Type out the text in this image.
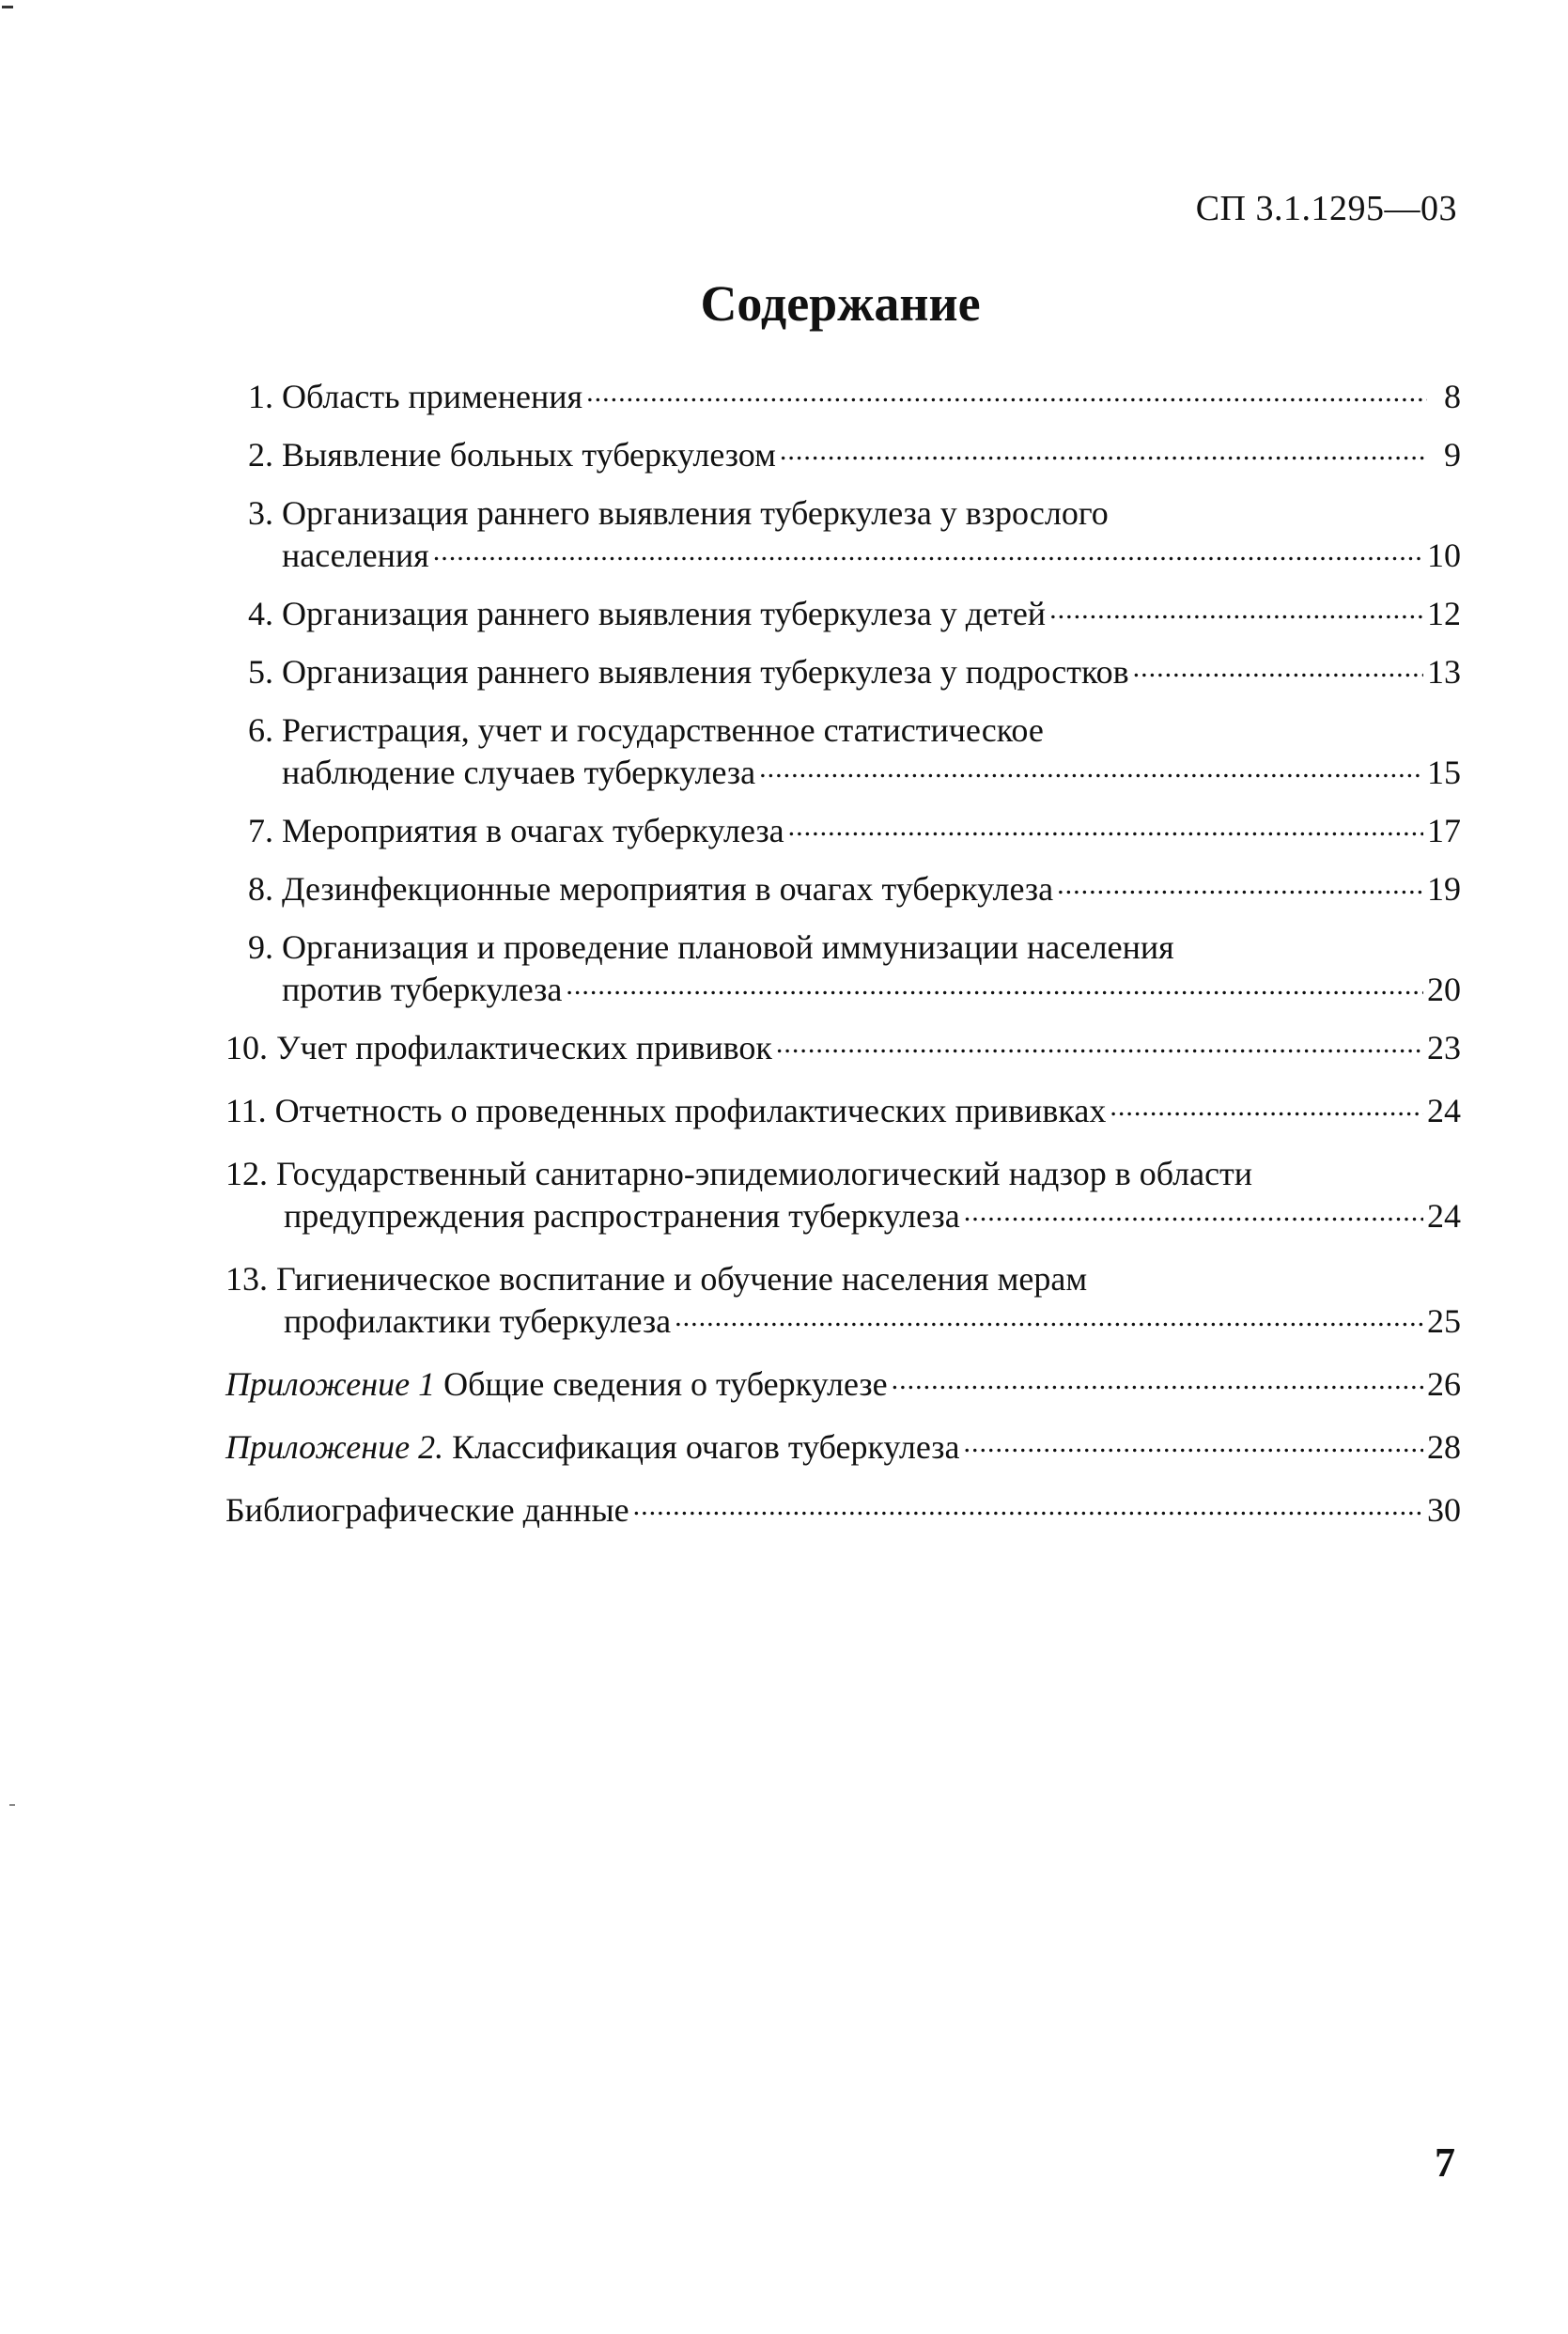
СП 3.1.1295—03
Содержание
1. Область применения .....	8
2. Выявление больных туберкулезом .....	9
3. Организация раннего выявления туберкулеза у взрослого
населения .....	10
4. Организация раннего выявления туберкулеза у детей .....	12
5. Организация раннего выявления туберкулеза у подростков .....	13
6. Регистрация, учет и государственное статистическое
наблюдение случаев туберкулеза .....	15
7. Мероприятия в очагах туберкулеза .....	17
8. Дезинфекционные мероприятия в очагах туберкулеза .....	19
9. Организация и проведение плановой иммунизации населения
против туберкулеза .....	20
10. Учет профилактических прививок .....	23
11. Отчетность о проведенных профилактических прививках .....	24
12. Государственный санитарно-эпидемиологический надзор в области
предупреждения распространения туберкулеза .....	24
13. Гигиеническое воспитание и обучение населения мерам
профилактики туберкулеза .....	25
Приложение 1 Общие сведения о туберкулезе .....	26
Приложение 2. Классификация очагов туберкулеза .....	28
Библиографические данные .....	30
7
